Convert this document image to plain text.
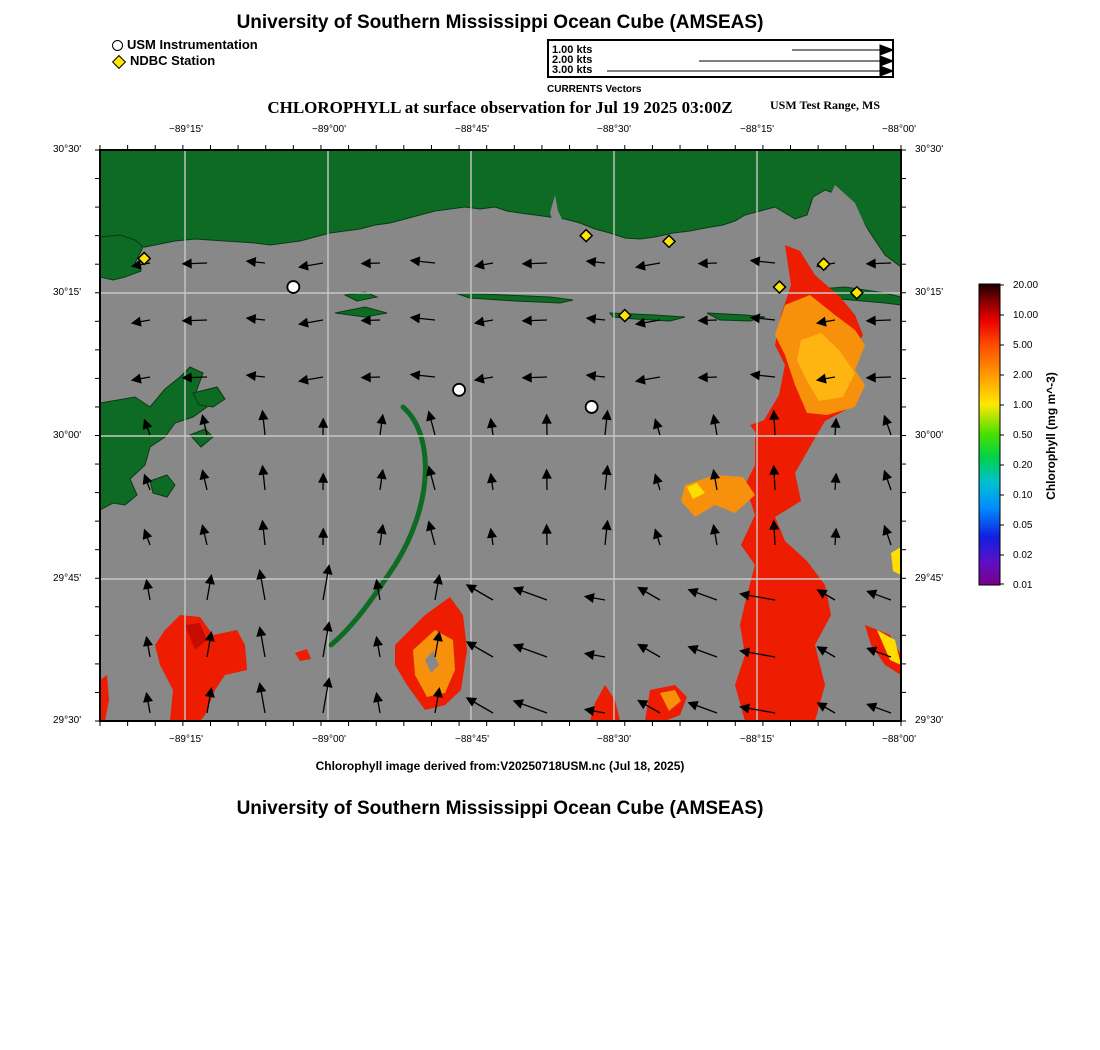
University of Southern Mississippi Ocean Cube (AMSEAS)
USM Instrumentation
NDBC Station
1.00 kts
2.00 kts
3.00 kts
CURRENTS Vectors
CHLOROPHYLL at surface observation for Jul 19 2025 03:00Z	USM Test Range, MS
−89°15'	−89°00'	−88°45'	−88°30'	−88°15'	−88°00'
−89°15'	−89°00'	−88°45'	−88°30'	−88°15'	−88°00'
30°30'
30°15'
30°00'
29°45'
29°30'
30°30'
30°15'
30°00'
29°45'
29°30'
Chlorophyll image derived from:V20250718USM.nc (Jul 18, 2025)
20.00
10.00
5.00
2.00
1.00
0.50
0.20
0.10
0.05
0.02
0.01
Chlorophyll (mg m^-3)
University of Southern Mississippi Ocean Cube (AMSEAS)
